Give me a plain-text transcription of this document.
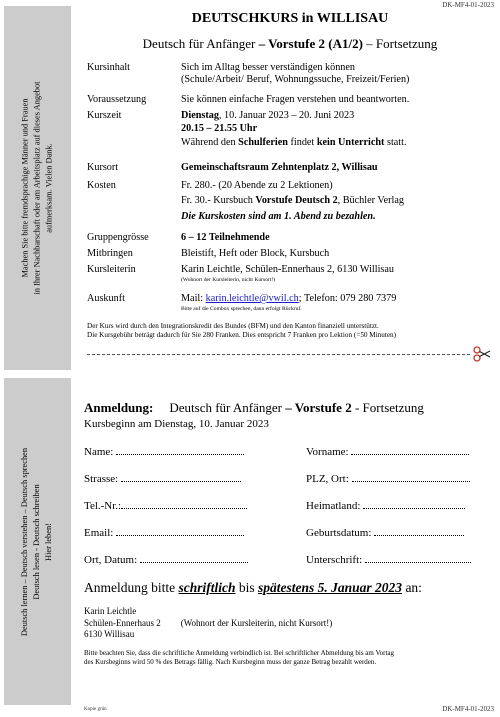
DK-MF4-01-2023
DK-MF4-01-2023
Kopie grün
Machen Sie bitte fremdsprachige Männer und Frauen in Ihrer Nachbarschaft oder am Arbeitsplatz auf dieses Angebot aufmerksam. Vielen Dank.
Deutsch lernen – Deutsch verstehen – Deutsch sprechen Deutsch lesen - Deutsch schreiben Hier leben!
DEUTSCHKURS in WILLISAU
Deutsch für Anfänger – Vorstufe 2 (A1/2) – Fortsetzung
Kursinhalt	Sich im Alltag besser verständigen können
(Schule/Arbeit/ Beruf, Wohnungssuche, Freizeit/Ferien)
Voraussetzung	Sie können einfache Fragen verstehen und beantworten.
Kurszeit	Dienstag, 10. Januar 2023 – 20. Juni 2023
20.15 – 21.55 Uhr
Während den Schulferien findet kein Unterricht statt.
Kursort	Gemeinschaftsraum Zehntenplatz 2, Willisau
Kosten	Fr. 280.- (20 Abende zu 2 Lektionen)
Fr. 30.- Kursbuch Vorstufe Deutsch 2, Büchler Verlag
Die Kurskosten sind am 1. Abend zu bezahlen.
Gruppengrösse	6 – 12 Teilnehmende
Mitbringen	Bleistift, Heft oder Block, Kursbuch
Kursleiterin	Karin Leichtle, Schülen-Ennerhaus 2, 6130 Willisau
(Wohnort der Kursleiterin, nicht Kursort!)
Auskunft	Mail: karin.leichtle@vwil.ch; Telefon: 079 280 7379
Bitte auf die Combox sprechen, dann erfolgt Rückruf.
Der Kurs wird durch den Integrationskredit des Bundes (BFM) und den Kanton finanziell unterstützt.
Die Kursgebühr beträgt dadurch für Sie 280 Franken. Dies entspricht 7 Franken pro Lektion (=50 Minuten)
Anmeldung: Deutsch für Anfänger – Vorstufe 2 - Fortsetzung
Kursbeginn am Dienstag, 10. Januar 2023
Name:	Vorname:
Strasse:	PLZ, Ort:
Tel.-Nr.:	Heimatland:
Email:	Geburtsdatum:
Ort, Datum:	Unterschrift:
Anmeldung bitte schriftlich bis spätestens 5. Januar 2023 an:
Karin Leichtle
Schülen-Ennerhaus 2 (Wohnort der Kursleiterin, nicht Kursort!)
6130 Willisau
Bitte beachten Sie, dass die schriftliche Anmeldung verbindlich ist. Bei schriftlicher Abmeldung bis am Vortag
des Kursbeginns wird 50 % des Betrags fällig. Nach Kursbeginn muss der ganze Betrag bezahlt werden.
